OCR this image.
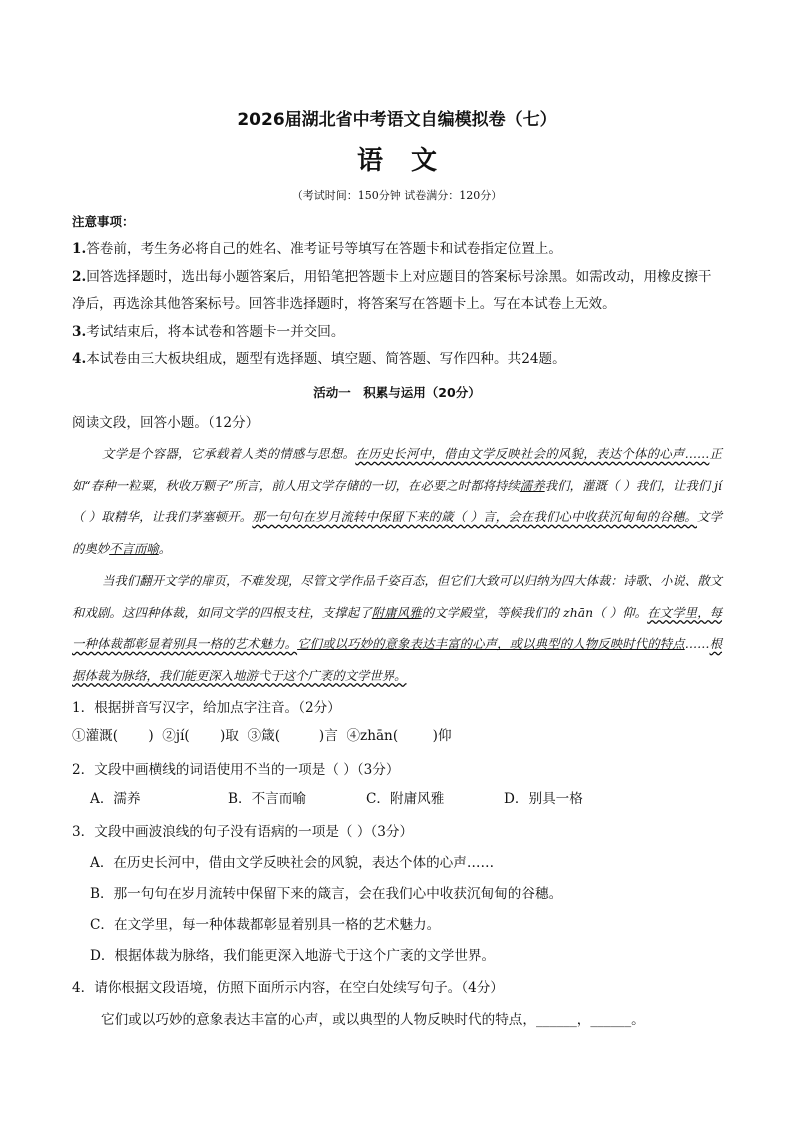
2026届湖北省中考语文自编模拟卷（七）
语文
（考试时间：150分钟 试卷满分：120分）
注意事项：
1.答卷前，考生务必将自己的姓名、准考证号等填写在答题卡和试卷指定位置上。
2.回答选择题时，选出每小题答案后，用铅笔把答题卡上对应题目的答案标号涂黑。如需改动，用橡皮擦干净后，再选涂其他答案标号。回答非选择题时，将答案写在答题卡上。写在本试卷上无效。
3.考试结束后，将本试卷和答题卡一并交回。
4.本试卷由三大板块组成，题型有选择题、填空题、简答题、写作四种。共24题。
活动一　积累与运用（20分）
阅读文段，回答小题。（12分）
文学是个容器，它承载着人类的情感与思想。在历史长河中，借由文学反映社会的风貌，表达个体的心声……正如“春种一粒粟，秋收万颗子”所言，前人用文学存储的一切，在必要之时都将持续濡养我们，灌溉（ ）我们，让我们 jí（ ）取精华，让我们茅塞顿开。那一句句在岁月流转中保留下来的箴（ ）言，会在我们心中收获沉甸甸的谷穗。文学的奥妙不言而喻。
当我们翻开文学的扉页，不难发现，尽管文学作品千姿百态，但它们大致可以归纳为四大体裁：诗歌、小说、散文和戏剧。这四种体裁，如同文学的四根支柱，支撑起了附庸风雅的文学殿堂，等候我们的 zhān（ ）仰。在文学里，每一种体裁都彰显着别具一格的艺术魅力。它们或以巧妙的意象表达丰富的心声，或以典型的人物反映时代的特点……根据体裁为脉络，我们能更深入地游弋于这个广袤的文学世界。
1．根据拼音写汉字，给加点字注音。（2分）
①灌溉(       )  ②jí(       )取  ③箴(         )言  ④zhān(        )仰
2．文段中画横线的词语使用不当的一项是（ ）（3分）
A．濡养	B．不言而喻	C．附庸风雅	D．别具一格
3．文段中画波浪线的句子没有语病的一项是（ ）（3分）
A．在历史长河中，借由文学反映社会的风貌，表达个体的心声……
B．那一句句在岁月流转中保留下来的箴言，会在我们心中收获沉甸甸的谷穗。
C．在文学里，每一种体裁都彰显着别具一格的艺术魅力。
D．根据体裁为脉络，我们能更深入地游弋于这个广袤的文学世界。
4．请你根据文段语境，仿照下面所示内容，在空白处续写句子。（4分）
它们或以巧妙的意象表达丰富的心声，或以典型的人物反映时代的特点，______，______。
